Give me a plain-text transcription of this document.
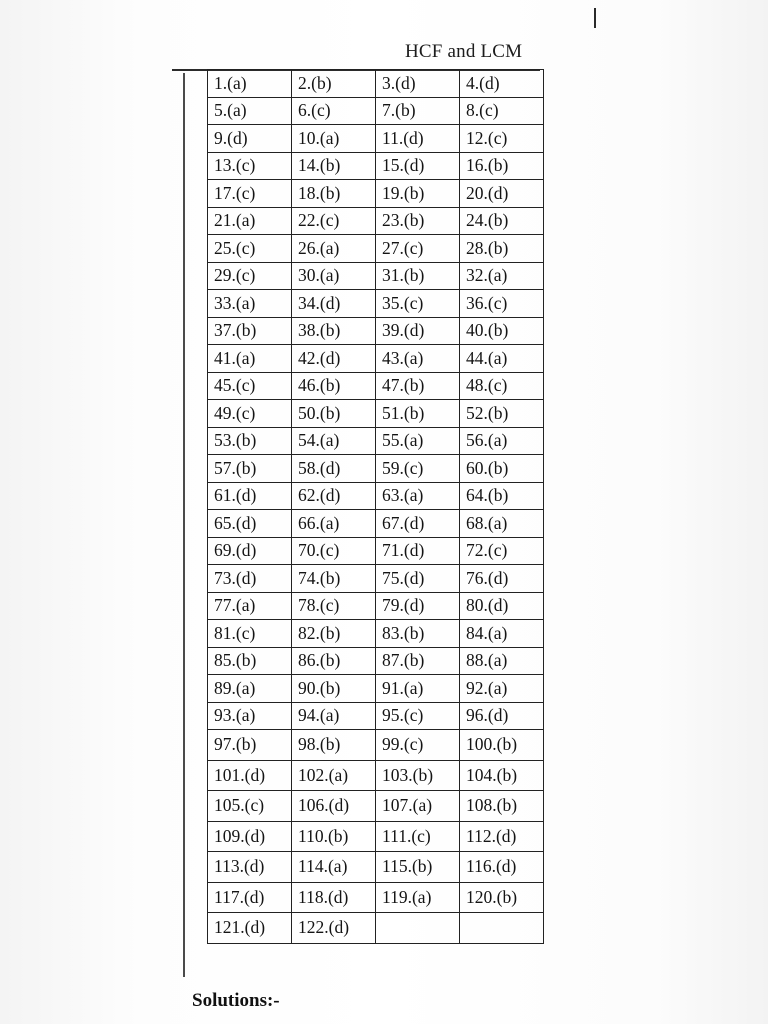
HCF and LCM
1.(a)	2.(b)	3.(d)	4.(d)
5.(a)	6.(c)	7.(b)	8.(c)
9.(d)	10.(a)	11.(d)	12.(c)
13.(c)	14.(b)	15.(d)	16.(b)
17.(c)	18.(b)	19.(b)	20.(d)
21.(a)	22.(c)	23.(b)	24.(b)
25.(c)	26.(a)	27.(c)	28.(b)
29.(c)	30.(a)	31.(b)	32.(a)
33.(a)	34.(d)	35.(c)	36.(c)
37.(b)	38.(b)	39.(d)	40.(b)
41.(a)	42.(d)	43.(a)	44.(a)
45.(c)	46.(b)	47.(b)	48.(c)
49.(c)	50.(b)	51.(b)	52.(b)
53.(b)	54.(a)	55.(a)	56.(a)
57.(b)	58.(d)	59.(c)	60.(b)
61.(d)	62.(d)	63.(a)	64.(b)
65.(d)	66.(a)	67.(d)	68.(a)
69.(d)	70.(c)	71.(d)	72.(c)
73.(d)	74.(b)	75.(d)	76.(d)
77.(a)	78.(c)	79.(d)	80.(d)
81.(c)	82.(b)	83.(b)	84.(a)
85.(b)	86.(b)	87.(b)	88.(a)
89.(a)	90.(b)	91.(a)	92.(a)
93.(a)	94.(a)	95.(c)	96.(d)
97.(b)	98.(b)	99.(c)	100.(b)
101.(d)	102.(a)	103.(b)	104.(b)
105.(c)	106.(d)	107.(a)	108.(b)
109.(d)	110.(b)	111.(c)	112.(d)
113.(d)	114.(a)	115.(b)	116.(d)
117.(d)	118.(d)	119.(a)	120.(b)
121.(d)	122.(d)		
Solutions:-
